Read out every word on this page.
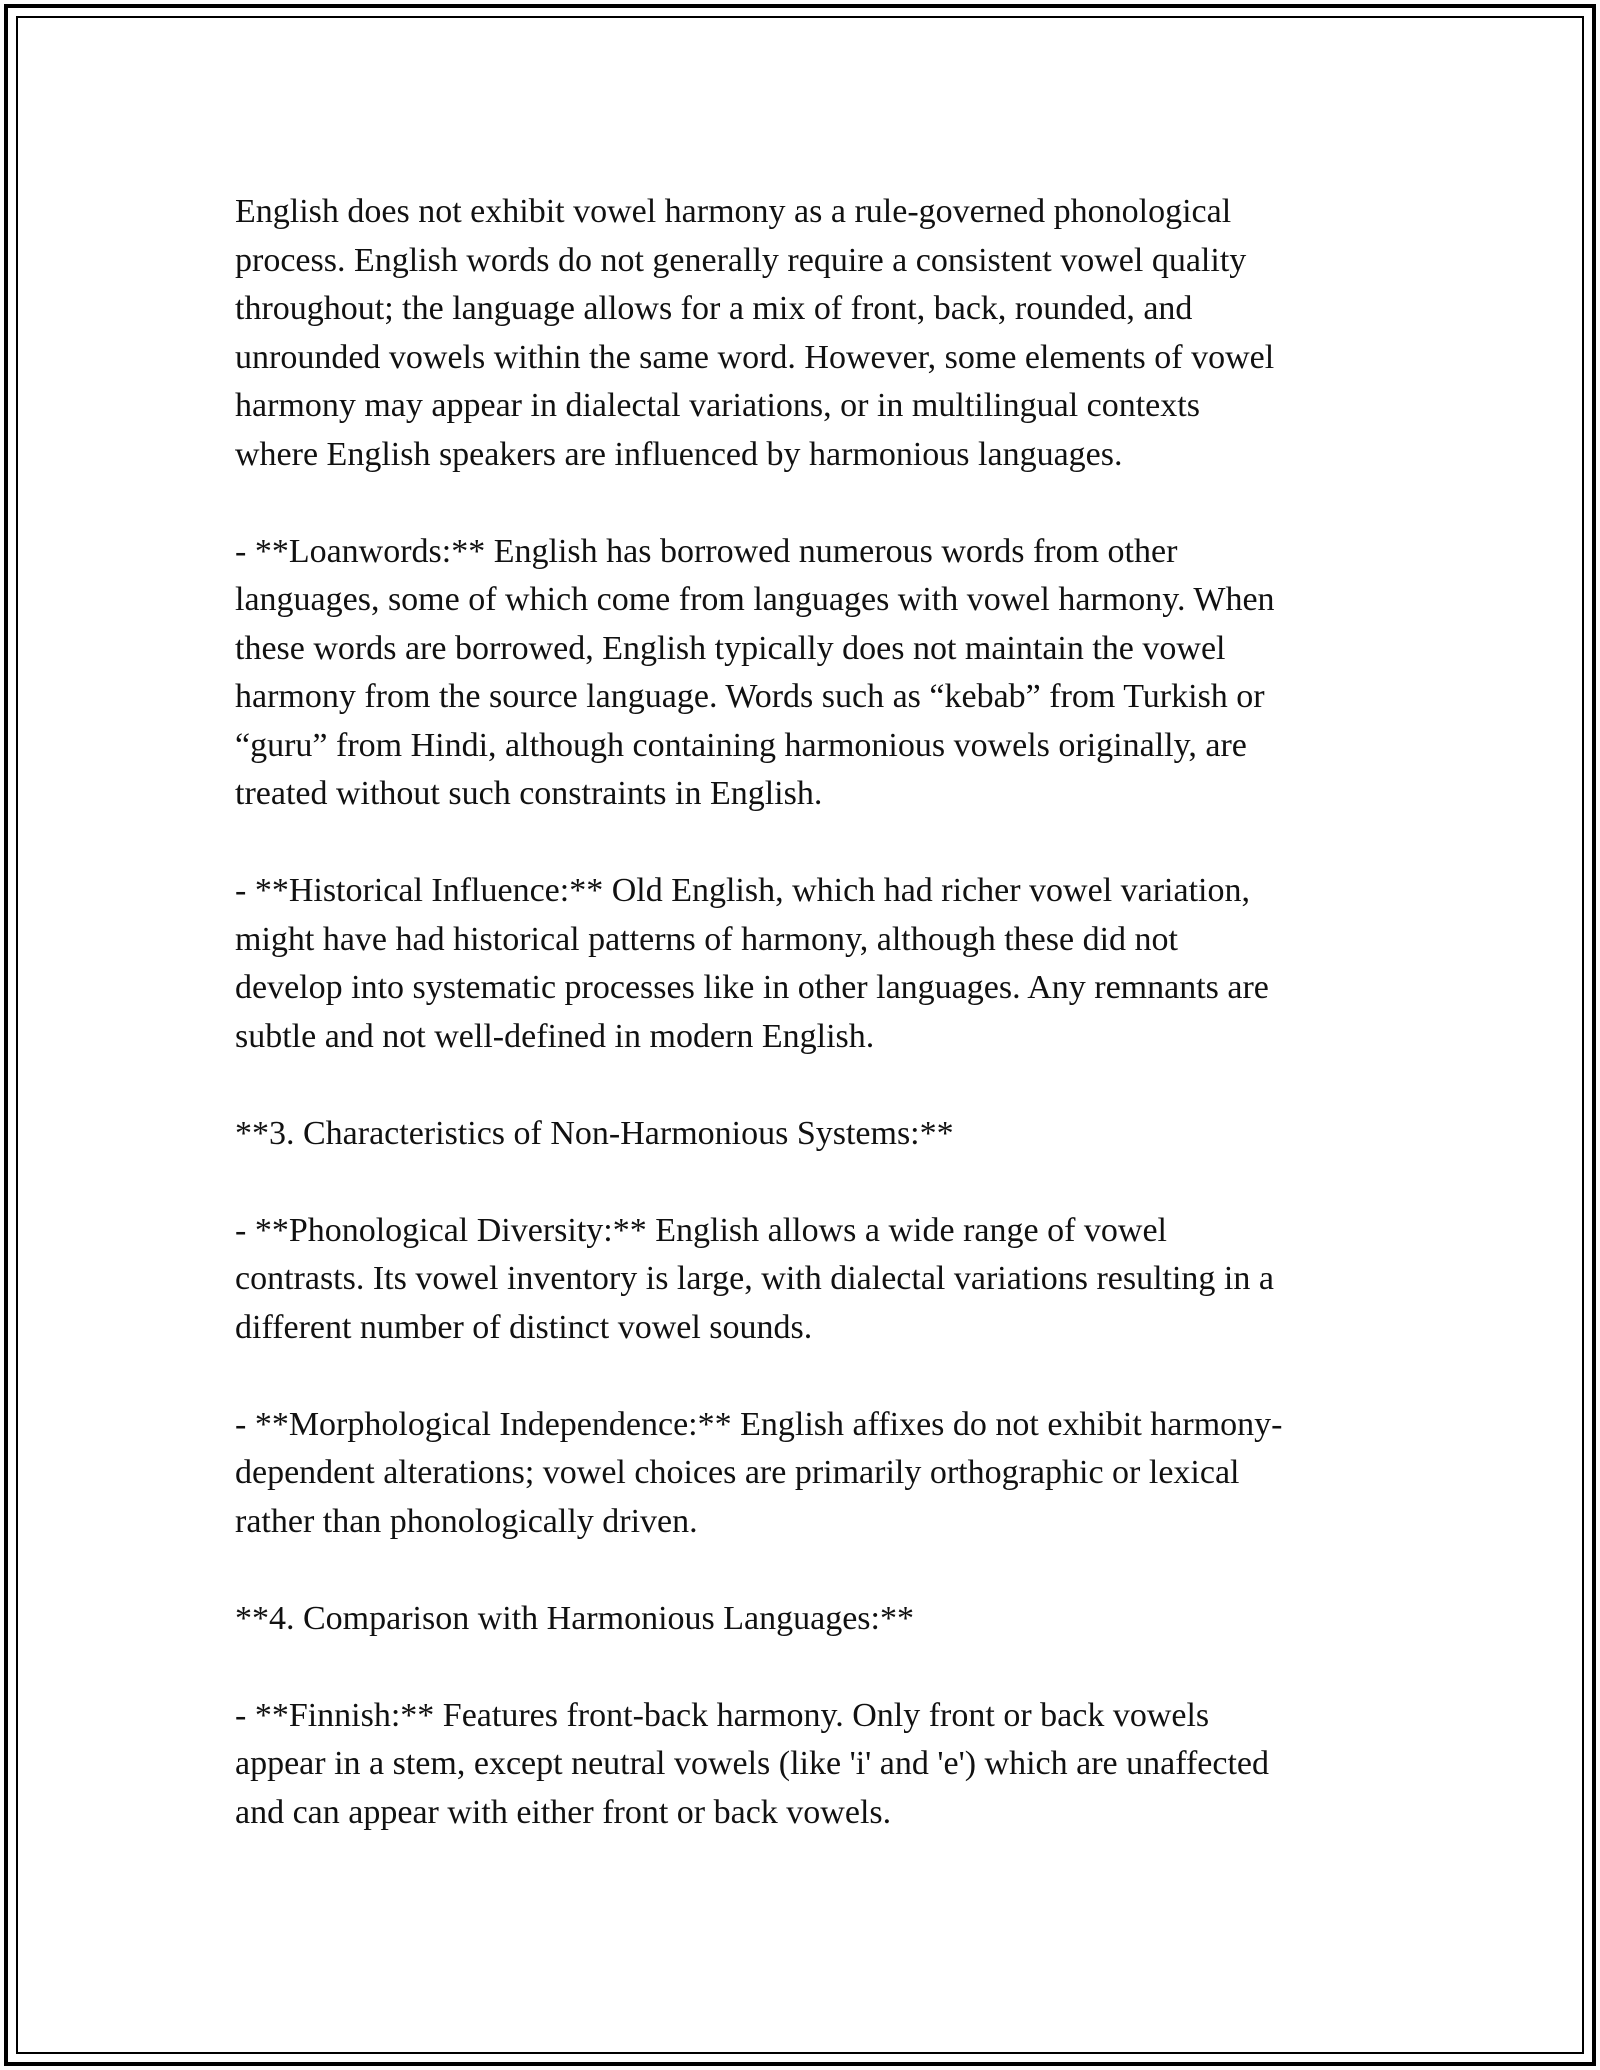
English does not exhibit vowel harmony as a rule-governed phonological
process. English words do not generally require a consistent vowel quality
throughout; the language allows for a mix of front, back, rounded, and
unrounded vowels within the same word. However, some elements of vowel
harmony may appear in dialectal variations, or in multilingual contexts
where English speakers are influenced by harmonious languages.

- **Loanwords:** English has borrowed numerous words from other
languages, some of which come from languages with vowel harmony. When
these words are borrowed, English typically does not maintain the vowel
harmony from the source language. Words such as “kebab” from Turkish or
“guru” from Hindi, although containing harmonious vowels originally, are
treated without such constraints in English.

- **Historical Influence:** Old English, which had richer vowel variation,
might have had historical patterns of harmony, although these did not
develop into systematic processes like in other languages. Any remnants are
subtle and not well-defined in modern English.

**3. Characteristics of Non-Harmonious Systems:**

- **Phonological Diversity:** English allows a wide range of vowel
contrasts. Its vowel inventory is large, with dialectal variations resulting in a
different number of distinct vowel sounds.

- **Morphological Independence:** English affixes do not exhibit harmony-
dependent alterations; vowel choices are primarily orthographic or lexical
rather than phonologically driven.

**4. Comparison with Harmonious Languages:**

- **Finnish:** Features front-back harmony. Only front or back vowels
appear in a stem, except neutral vowels (like 'i' and 'e') which are unaffected
and can appear with either front or back vowels.
